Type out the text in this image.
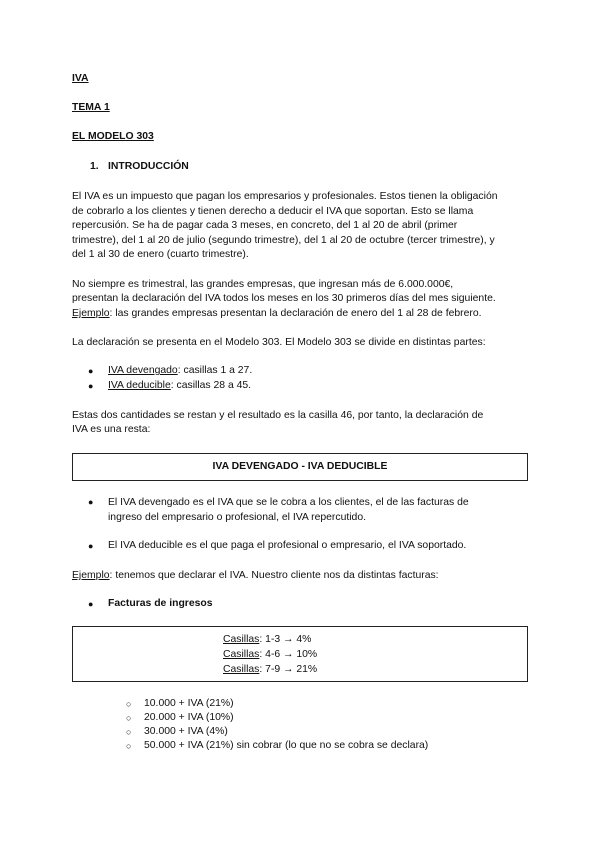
IVA
TEMA 1
EL MODELO 303
1. INTRODUCCIÓN
El IVA es un impuesto que pagan los empresarios y profesionales. Estos tienen la obligación
de cobrarlo a los clientes y tienen derecho a deducir el IVA que soportan. Esto se llama
repercusión. Se ha de pagar cada 3 meses, en concreto, del 1 al 20 de abril (primer
trimestre), del 1 al 20 de julio (segundo trimestre), del 1 al 20 de octubre (tercer trimestre), y
del 1 al 30 de enero (cuarto trimestre).
No siempre es trimestral, las grandes empresas, que ingresan más de 6.000.000€,
presentan la declaración del IVA todos los meses en los 30 primeros días del mes siguiente.
Ejemplo: las grandes empresas presentan la declaración de enero del 1 al 28 de febrero.
La declaración se presenta en el Modelo 303. El Modelo 303 se divide en distintas partes:
● IVA devengado: casillas 1 a 27.
● IVA deducible: casillas 28 a 45.
Estas dos cantidades se restan y el resultado es la casilla 46, por tanto, la declaración de
IVA es una resta:
IVA DEVENGADO - IVA DEDUCIBLE
● El IVA devengado es el IVA que se le cobra a los clientes, el de las facturas de
ingreso del empresario o profesional, el IVA repercutido.
● El IVA deducible es el que paga el profesional o empresario, el IVA soportado.
Ejemplo: tenemos que declarar el IVA. Nuestro cliente nos da distintas facturas:
● Facturas de ingresos
Casillas: 1-3 → 4%
Casillas: 4-6 → 10%
Casillas: 7-9 → 21%
○ 10.000 + IVA (21%)
○ 20.000 + IVA (10%)
○ 30.000 + IVA (4%)
○ 50.000 + IVA (21%) sin cobrar (lo que no se cobra se declara)
